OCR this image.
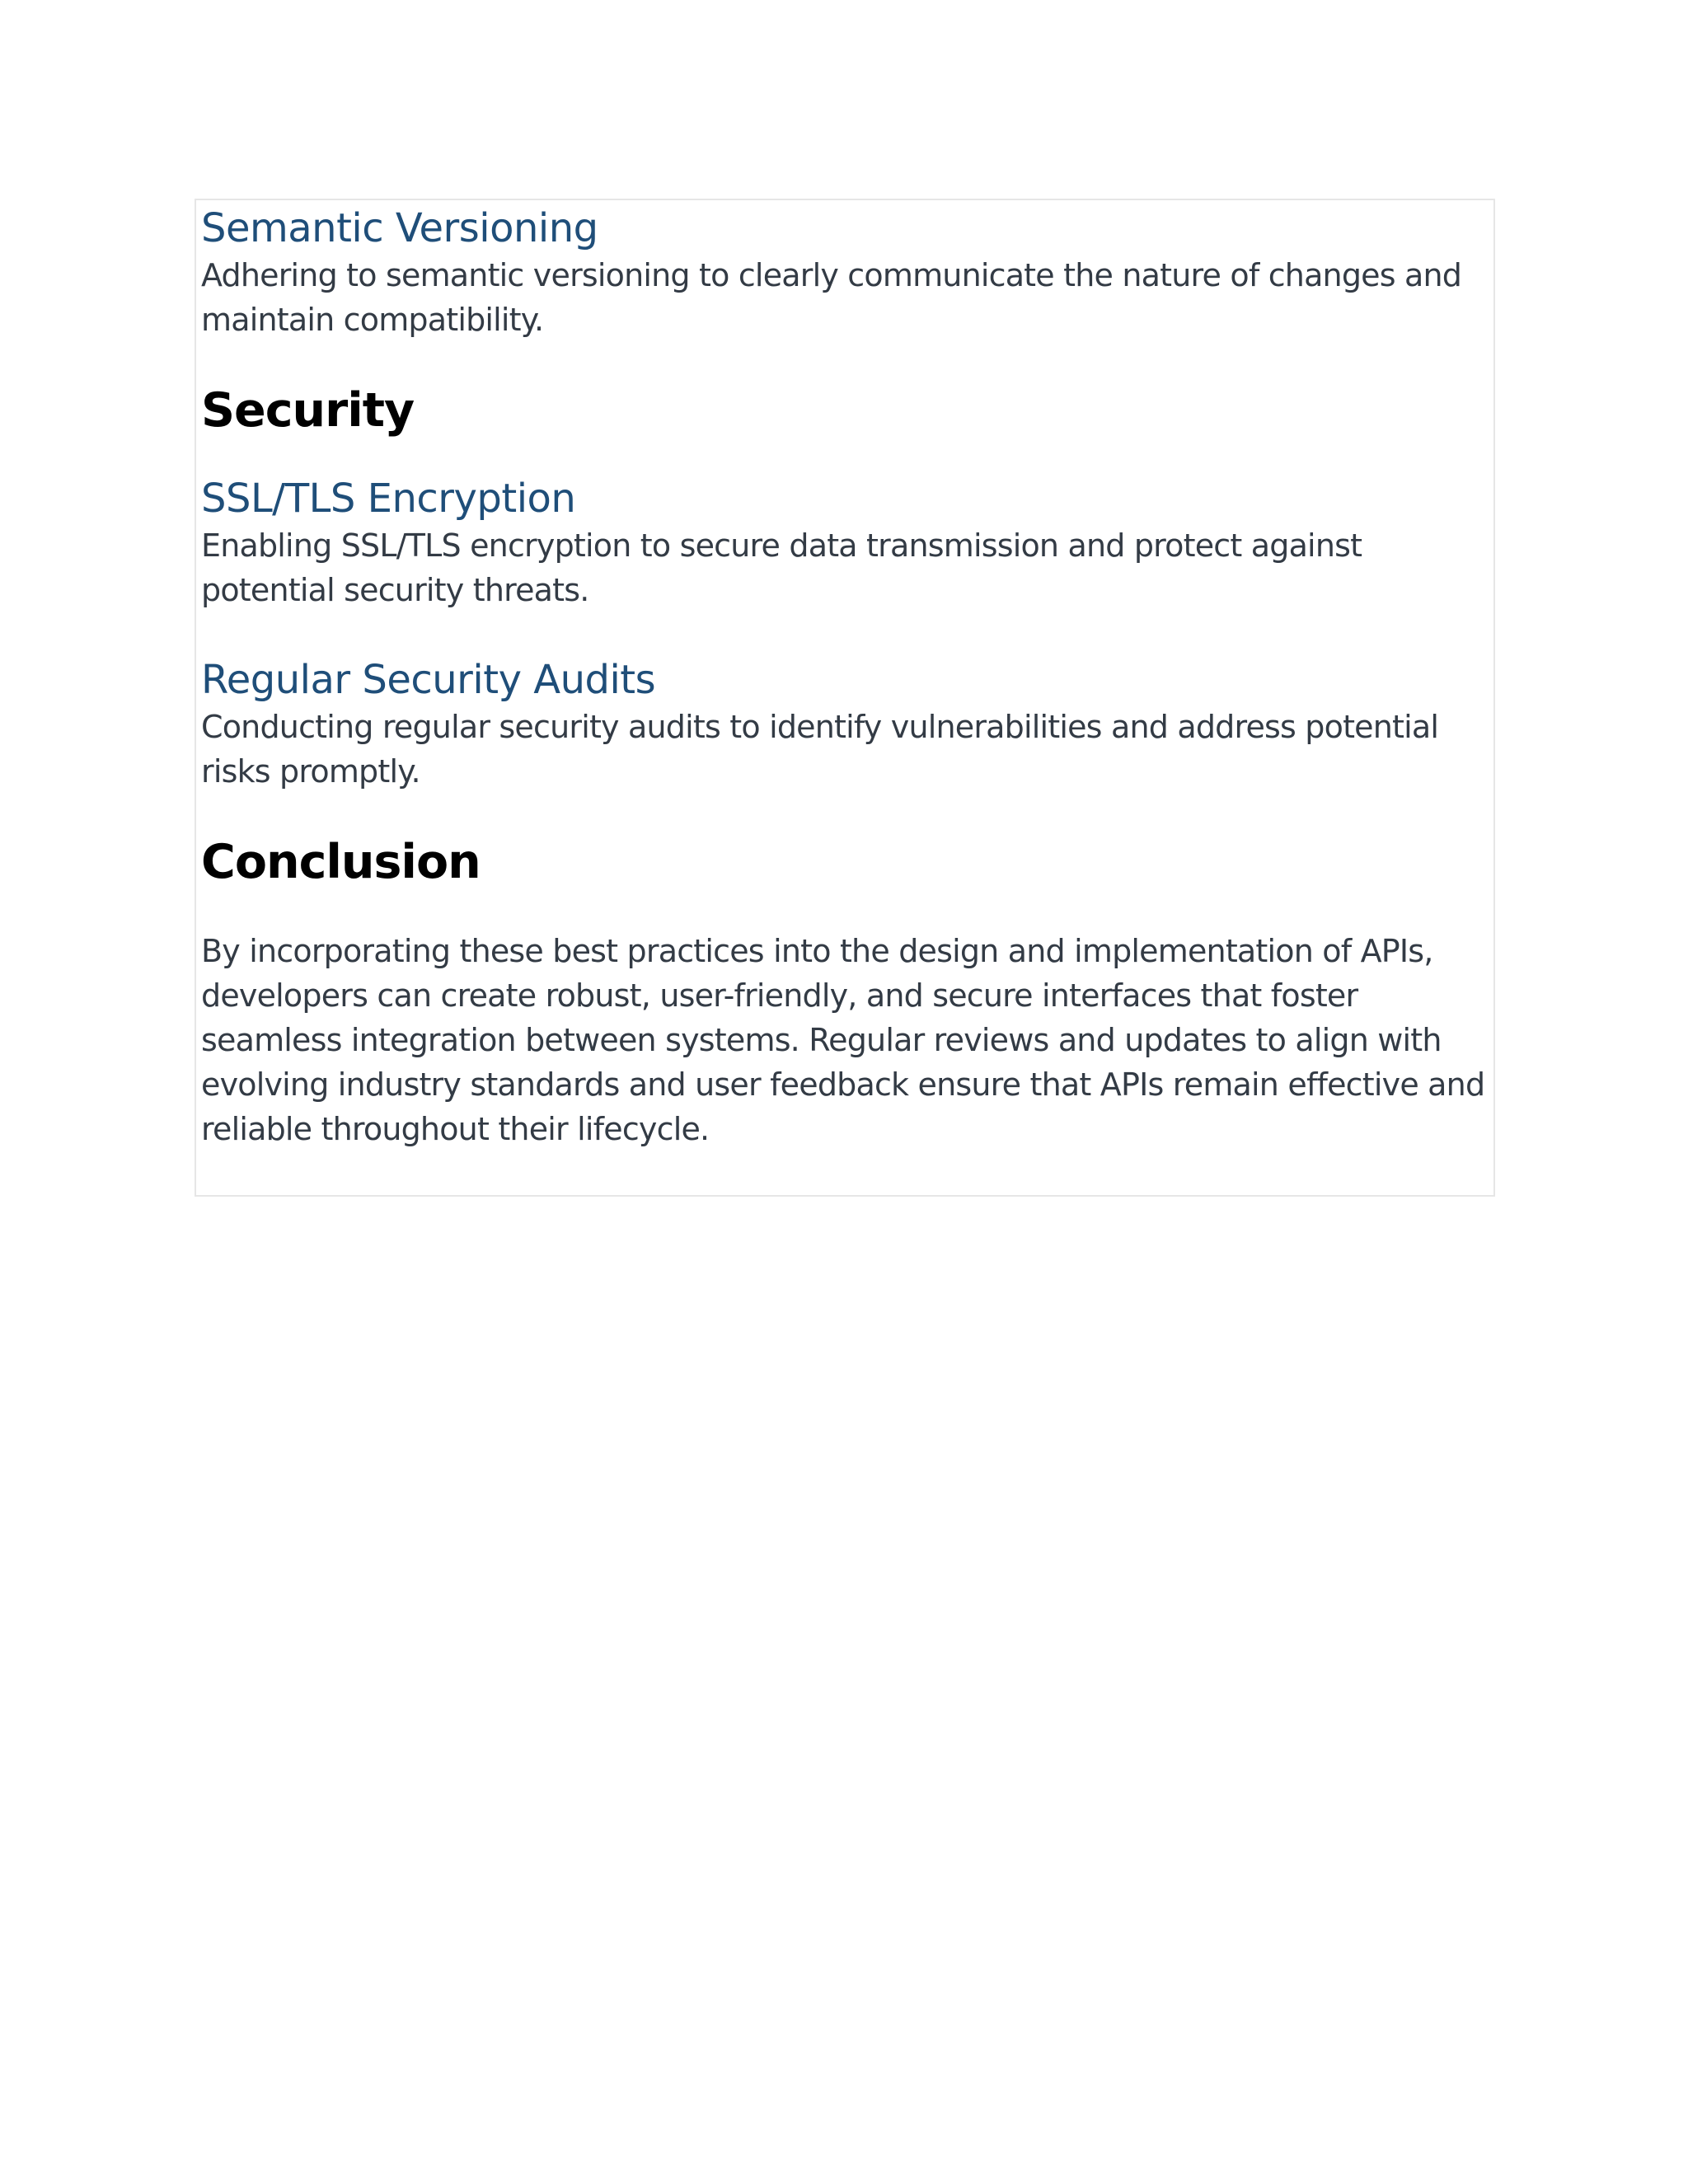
Semantic Versioning

Adhering to semantic versioning to clearly communicate the nature of changes and maintain compatibility.

Security
SSL/TLS Encryption

Enabling SSL/TLS encryption to secure data transmission and protect against potential security threats.

Regular Security Audits

Conducting regular security audits to identify vulnerabilities and address potential risks promptly.

Conclusion

By incorporating these best practices into the design and implementation of APIs, developers can create robust, user-friendly, and secure interfaces that foster seamless integration between systems. Regular reviews and updates to align with evolving industry standards and user feedback ensure that APIs remain effective and reliable throughout their lifecycle.
